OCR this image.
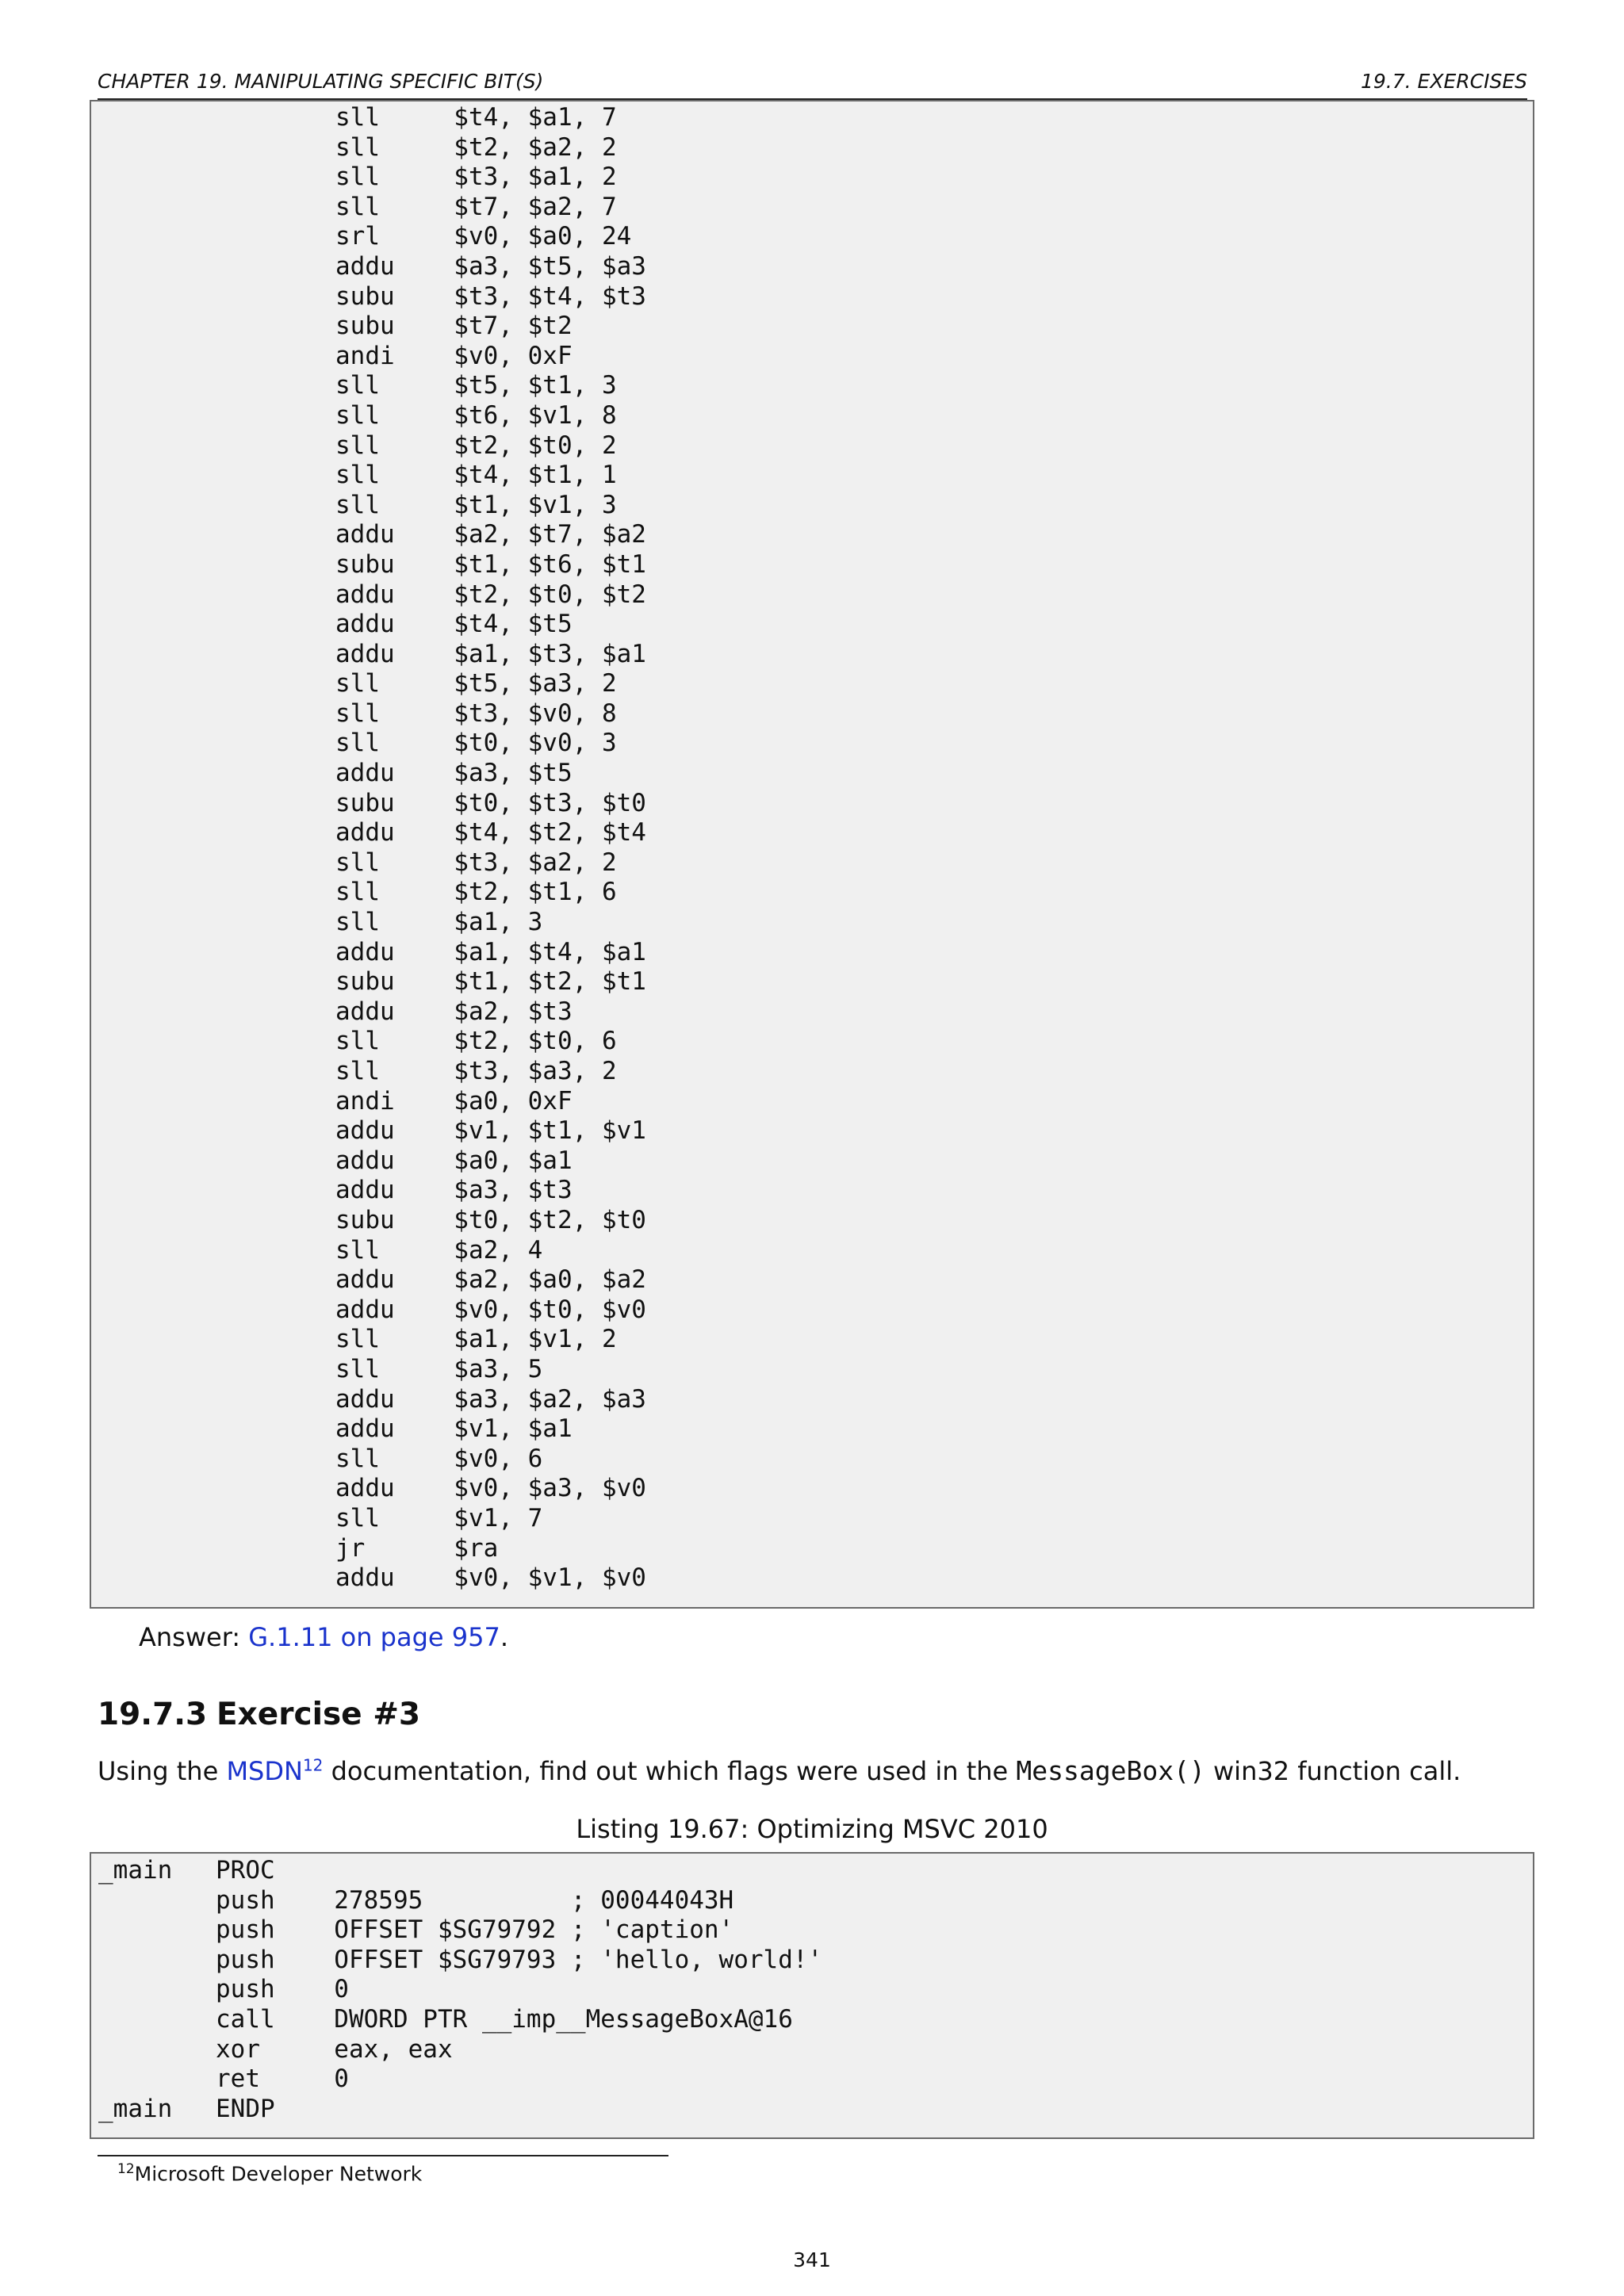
CHAPTER 19. MANIPULATING SPECIFIC BIT(S)	19.7. EXERCISES
sll     $t4, $a1, 7
sll     $t2, $a2, 2
sll     $t3, $a1, 2
sll     $t7, $a2, 7
srl     $v0, $a0, 24
addu    $a3, $t5, $a3
subu    $t3, $t4, $t3
subu    $t7, $t2
andi    $v0, 0xF
sll     $t5, $t1, 3
sll     $t6, $v1, 8
sll     $t2, $t0, 2
sll     $t4, $t1, 1
sll     $t1, $v1, 3
addu    $a2, $t7, $a2
subu    $t1, $t6, $t1
addu    $t2, $t0, $t2
addu    $t4, $t5
addu    $a1, $t3, $a1
sll     $t5, $a3, 2
sll     $t3, $v0, 8
sll     $t0, $v0, 3
addu    $a3, $t5
subu    $t0, $t3, $t0
addu    $t4, $t2, $t4
sll     $t3, $a2, 2
sll     $t2, $t1, 6
sll     $a1, 3
addu    $a1, $t4, $a1
subu    $t1, $t2, $t1
addu    $a2, $t3
sll     $t2, $t0, 6
sll     $t3, $a3, 2
andi    $a0, 0xF
addu    $v1, $t1, $v1
addu    $a0, $a1
addu    $a3, $t3
subu    $t0, $t2, $t0
sll     $a2, 4
addu    $a2, $a0, $a2
addu    $v0, $t0, $v0
sll     $a1, $v1, 2
sll     $a3, 5
addu    $a3, $a2, $a3
addu    $v1, $a1
sll     $v0, 6
addu    $v0, $a3, $v0
sll     $v1, 7
jr      $ra
addu    $v0, $v1, $v0
Answer: G.1.11 on page 957.
19.7.3 Exercise #3
Using the MSDN$^{12}$ documentation, find out which flags were used in the MessageBox() win32 function call.
Listing 19.67: Optimizing MSVC 2010
_main PROC
push    278595          ; 00044043H
push    OFFSET $SG79792 ; 'caption'
push    OFFSET $SG79793 ; 'hello, world!'
push    0
call    DWORD PTR __imp__MessageBoxA@16
xor     eax, eax
ret     0
_main ENDP
$^{12}$Microsoft Developer Network
341
